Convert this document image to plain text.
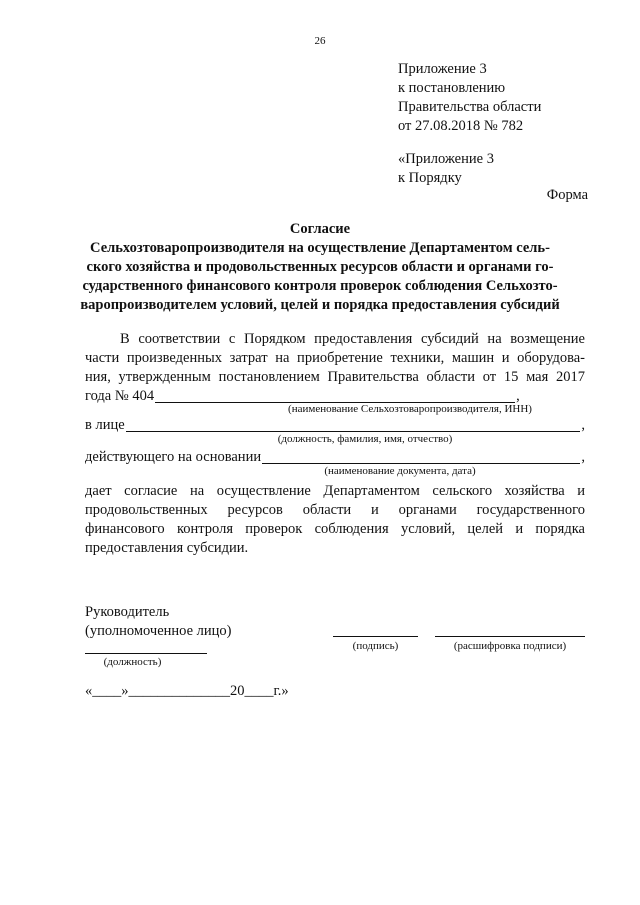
26
Приложение 3
к постановлению
Правительства области
от 27.08.2018 № 782
«Приложение 3
к Порядку
Форма
Согласие
Сельхозтоваропроизводителя на осуществление Департаментом сель-
ского хозяйства и продовольственных ресурсов области и органами го-
сударственного финансового контроля проверок соблюдения Сельхозто-
варопроизводителем условий, целей и порядка предоставления субсидий
В соответствии с Порядком предоставления субсидий на возмещение
части произведенных затрат на приобретение техники, машин и оборудова-
ния, утвержденным постановлением Правительства области от 15 мая 2017
года № 404	,
(наименование Сельхозтоваропроизводителя, ИНН)
в лице	,
(должность, фамилия, имя, отчество)
действующего на основании	,
(наименование документа, дата)
дает согласие на осуществление Департаментом сельского хозяйства и продовольственных ресурсов области и органами государственного финансового контроля проверок соблюдения условий, целей и порядка предоставления субсидии.
Руководитель
(уполномоченное лицо)
(подпись)	(расшифровка подписи)
(должность)
«____»______________20____г.»
